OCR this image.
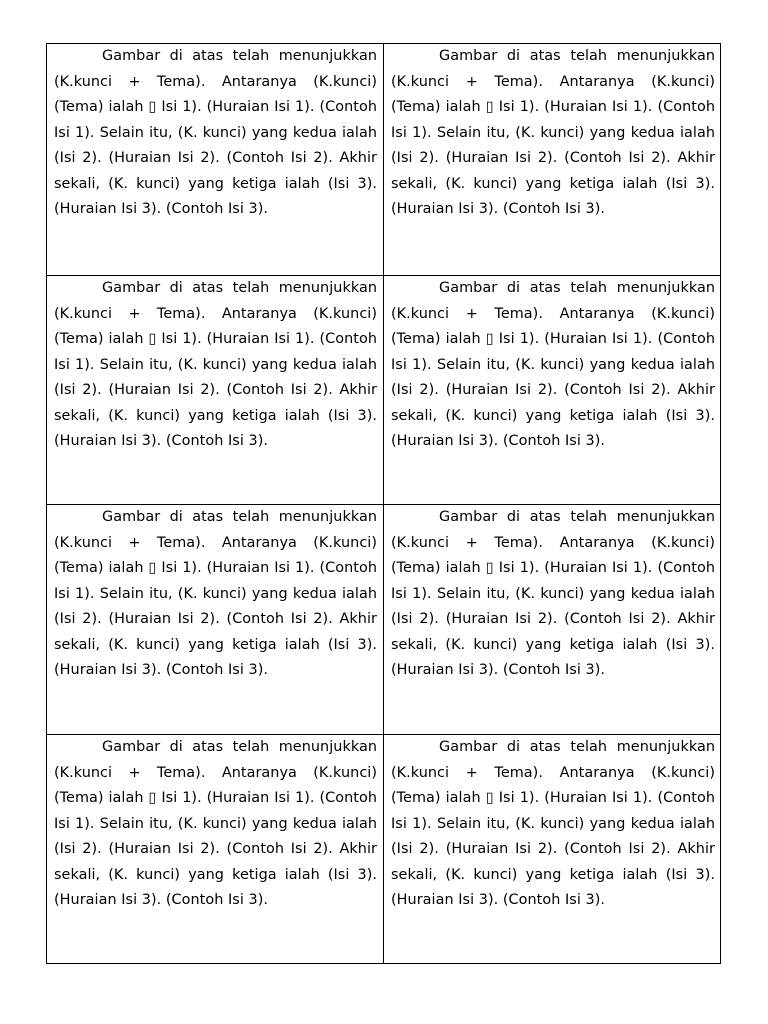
Gambar di atas telah menunjukkan (K.kunci + Tema). Antaranya (K.kunci) (Tema) ialah ▯ Isi 1). (Huraian Isi 1). (Contoh Isi 1). Selain itu, (K. kunci) yang kedua ialah (Isi 2). (Huraian Isi 2). (Contoh Isi 2). Akhir sekali, (K. kunci) yang ketiga ialah (Isi 3). (Huraian Isi 3). (Contoh Isi 3).

Gambar di atas telah menunjukkan (K.kunci + Tema). Antaranya (K.kunci) (Tema) ialah ▯ Isi 1). (Huraian Isi 1). (Contoh Isi 1). Selain itu, (K. kunci) yang kedua ialah (Isi 2). (Huraian Isi 2). (Contoh Isi 2). Akhir sekali, (K. kunci) yang ketiga ialah (Isi 3). (Huraian Isi 3). (Contoh Isi 3).

Gambar di atas telah menunjukkan (K.kunci + Tema). Antaranya (K.kunci) (Tema) ialah ▯ Isi 1). (Huraian Isi 1). (Contoh Isi 1). Selain itu, (K. kunci) yang kedua ialah (Isi 2). (Huraian Isi 2). (Contoh Isi 2). Akhir sekali, (K. kunci) yang ketiga ialah (Isi 3). (Huraian Isi 3). (Contoh Isi 3).

Gambar di atas telah menunjukkan (K.kunci + Tema). Antaranya (K.kunci) (Tema) ialah ▯ Isi 1). (Huraian Isi 1). (Contoh Isi 1). Selain itu, (K. kunci) yang kedua ialah (Isi 2). (Huraian Isi 2). (Contoh Isi 2). Akhir sekali, (K. kunci) yang ketiga ialah (Isi 3). (Huraian Isi 3). (Contoh Isi 3).

Gambar di atas telah menunjukkan (K.kunci + Tema). Antaranya (K.kunci) (Tema) ialah ▯ Isi 1). (Huraian Isi 1). (Contoh Isi 1). Selain itu, (K. kunci) yang kedua ialah (Isi 2). (Huraian Isi 2). (Contoh Isi 2). Akhir sekali, (K. kunci) yang ketiga ialah (Isi 3). (Huraian Isi 3). (Contoh Isi 3).

Gambar di atas telah menunjukkan (K.kunci + Tema). Antaranya (K.kunci) (Tema) ialah ▯ Isi 1). (Huraian Isi 1). (Contoh Isi 1). Selain itu, (K. kunci) yang kedua ialah (Isi 2). (Huraian Isi 2). (Contoh Isi 2). Akhir sekali, (K. kunci) yang ketiga ialah (Isi 3). (Huraian Isi 3). (Contoh Isi 3).

Gambar di atas telah menunjukkan (K.kunci + Tema). Antaranya (K.kunci) (Tema) ialah ▯ Isi 1). (Huraian Isi 1). (Contoh Isi 1). Selain itu, (K. kunci) yang kedua ialah (Isi 2). (Huraian Isi 2). (Contoh Isi 2). Akhir sekali, (K. kunci) yang ketiga ialah (Isi 3). (Huraian Isi 3). (Contoh Isi 3).

Gambar di atas telah menunjukkan (K.kunci + Tema). Antaranya (K.kunci) (Tema) ialah ▯ Isi 1). (Huraian Isi 1). (Contoh Isi 1). Selain itu, (K. kunci) yang kedua ialah (Isi 2). (Huraian Isi 2). (Contoh Isi 2). Akhir sekali, (K. kunci) yang ketiga ialah (Isi 3). (Huraian Isi 3). (Contoh Isi 3).
